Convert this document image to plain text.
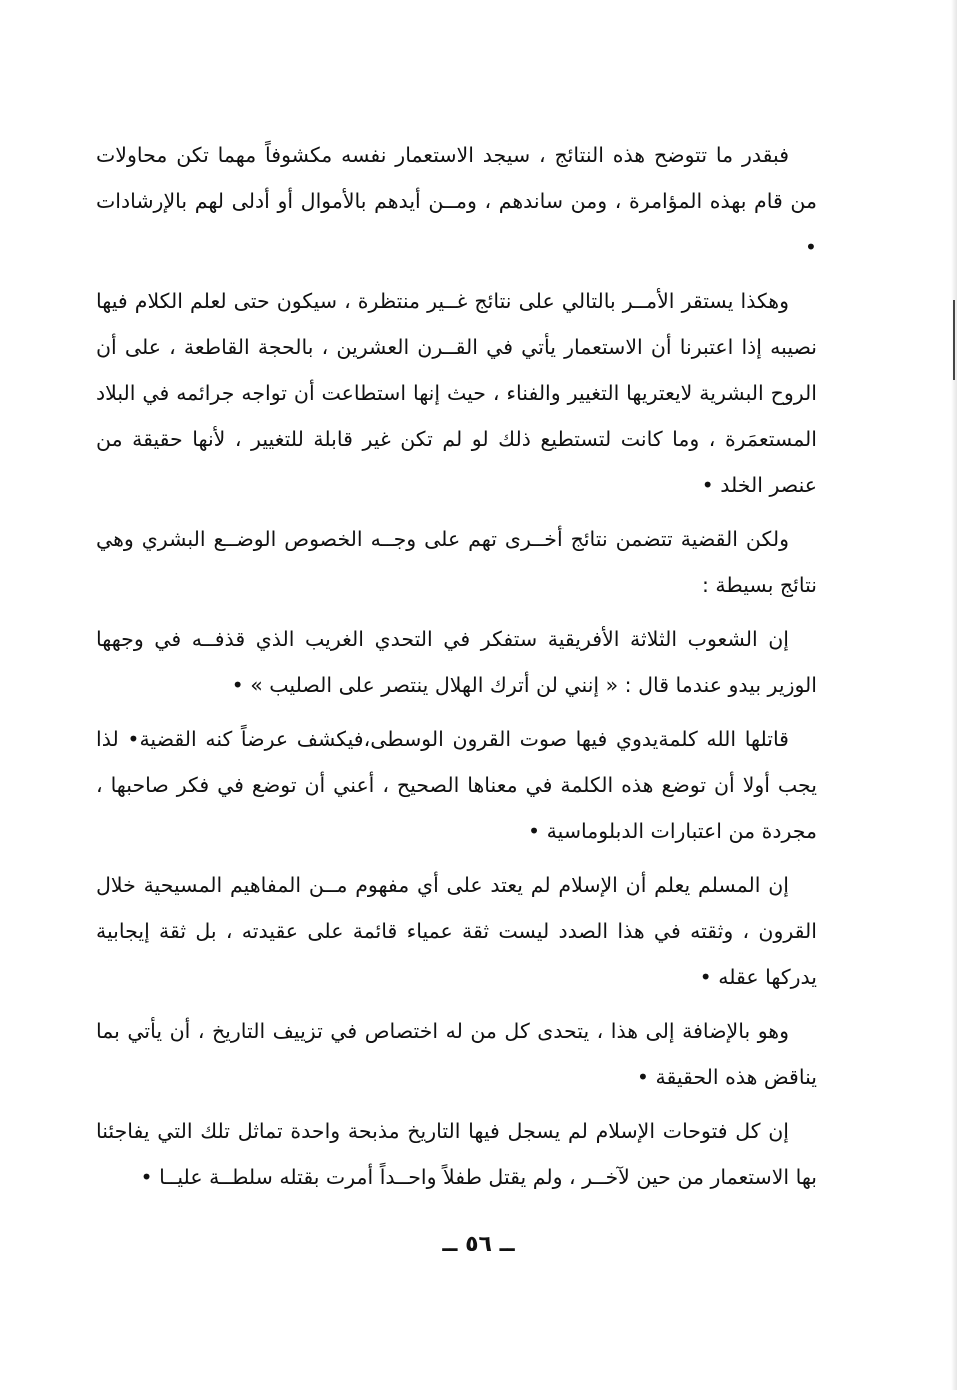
فبقدر ما تتوضح هذه النتائج ، سيجد الاستعمار نفسه مكشوفاً مهما تكن محاولات من قام بهذه المؤامرة ، ومن ساندهم ، ومــن أيدهم بالأموال أو أدلى لهم بالإرشادات •

وهكذا يستقر الأمــر بالتالي على نتائج غــير منتظرة ، سيكون حتى لعلم الكلام فيها نصيبه إذا اعتبرنا أن الاستعمار يأتي في القــرن العشرين ، بالحجة القاطعة ، على أن الروح البشرية لايعتريها التغيير والفناء ، حيث إنها استطاعت أن تواجه جرائمه في البلاد المستعمَرة ، وما كانت لتستطيع ذلك لو لم تكن غير قابلة للتغيير ، لأنها حقيقة من عنصر الخلد •

ولكن القضية تتضمن نتائج أخــرى تهم على وجــه الخصوص الوضــع البشري وهي نتائج بسيطة :

إن الشعوب الثلاثة الأفريقية ستفكر في التحدي الغريب الذي قذفــه في وجهها الوزير بيدو عندما قال : « إنني لن أترك الهلال ينتصر على الصليب » •

قاتلها الله كلمةيدوي فيها صوت القرون الوسطى،فيكشف عرضاً كنه القضية• لذا يجب أولا أن توضع هذه الكلمة في معناها الصحيح ، أعني أن توضع في فكر صاحبها ، مجردة من اعتبارات الدبلوماسية •

إن المسلم يعلم أن الإسلام لم يعتد على أي مفهوم مــن المفاهيم المسيحية خلال القرون ، وثقته في هذا الصدد ليست ثقة عمياء قائمة على عقيدته ، بل ثقة إيجابية يدركها عقله •

وهو بالإضافة إلى هذا ، يتحدى كل من له اختصاص في تزييف التاريخ ، أن يأتي بما يناقض هذه الحقيقة •

إن كل فتوحات الإسلام لم يسجل فيها التاريخ مذبحة واحدة تماثل تلك التي يفاجئنا بها الاستعمار من حين لآخــر ، ولم يقتل طفلاً واحــداً أمرت بقتله سلطــة عليــا •

ــ ٥٦ ــ
